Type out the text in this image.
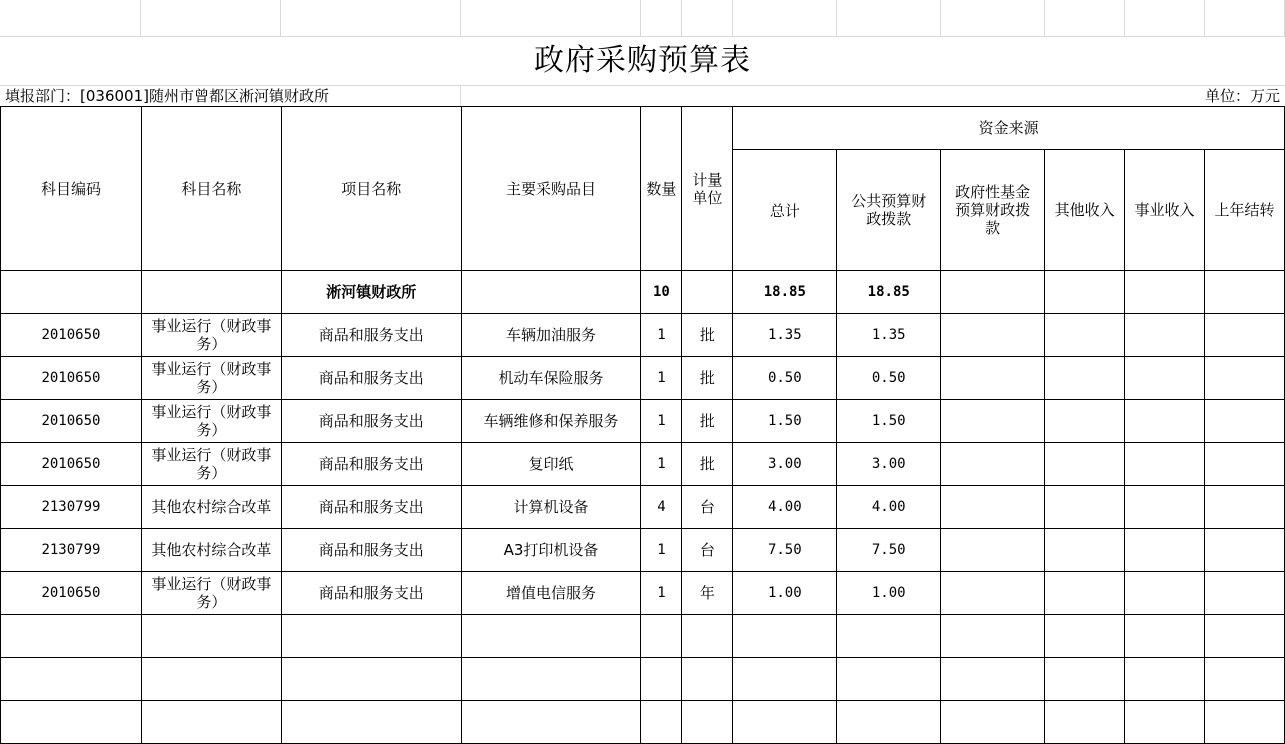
政府采购预算表
填报部门：[036001]随州市曾都区淅河镇财政所	单位：万元
科目编码	科目名称	项目名称	主要采购品目	数量	计量单位	资金来源					
						总计	公共预算财政拨款	政府性基金预算财政拨款	其他收入	事业收入	上年结转
		淅河镇财政所		10		18.85	18.85				
2010650	事业运行（财政事务）	商品和服务支出	车辆加油服务	1	批	1.35	1.35				
2010650	事业运行（财政事务）	商品和服务支出	机动车保险服务	1	批	0.50	0.50				
2010650	事业运行（财政事务）	商品和服务支出	车辆维修和保养服务	1	批	1.50	1.50				
2010650	事业运行（财政事务）	商品和服务支出	复印纸	1	批	3.00	3.00				
2130799	其他农村综合改革	商品和服务支出	计算机设备	4	台	4.00	4.00				
2130799	其他农村综合改革	商品和服务支出	A3打印机设备	1	台	7.50	7.50				
2010650	事业运行（财政事务）	商品和服务支出	增值电信服务	1	年	1.00	1.00				
